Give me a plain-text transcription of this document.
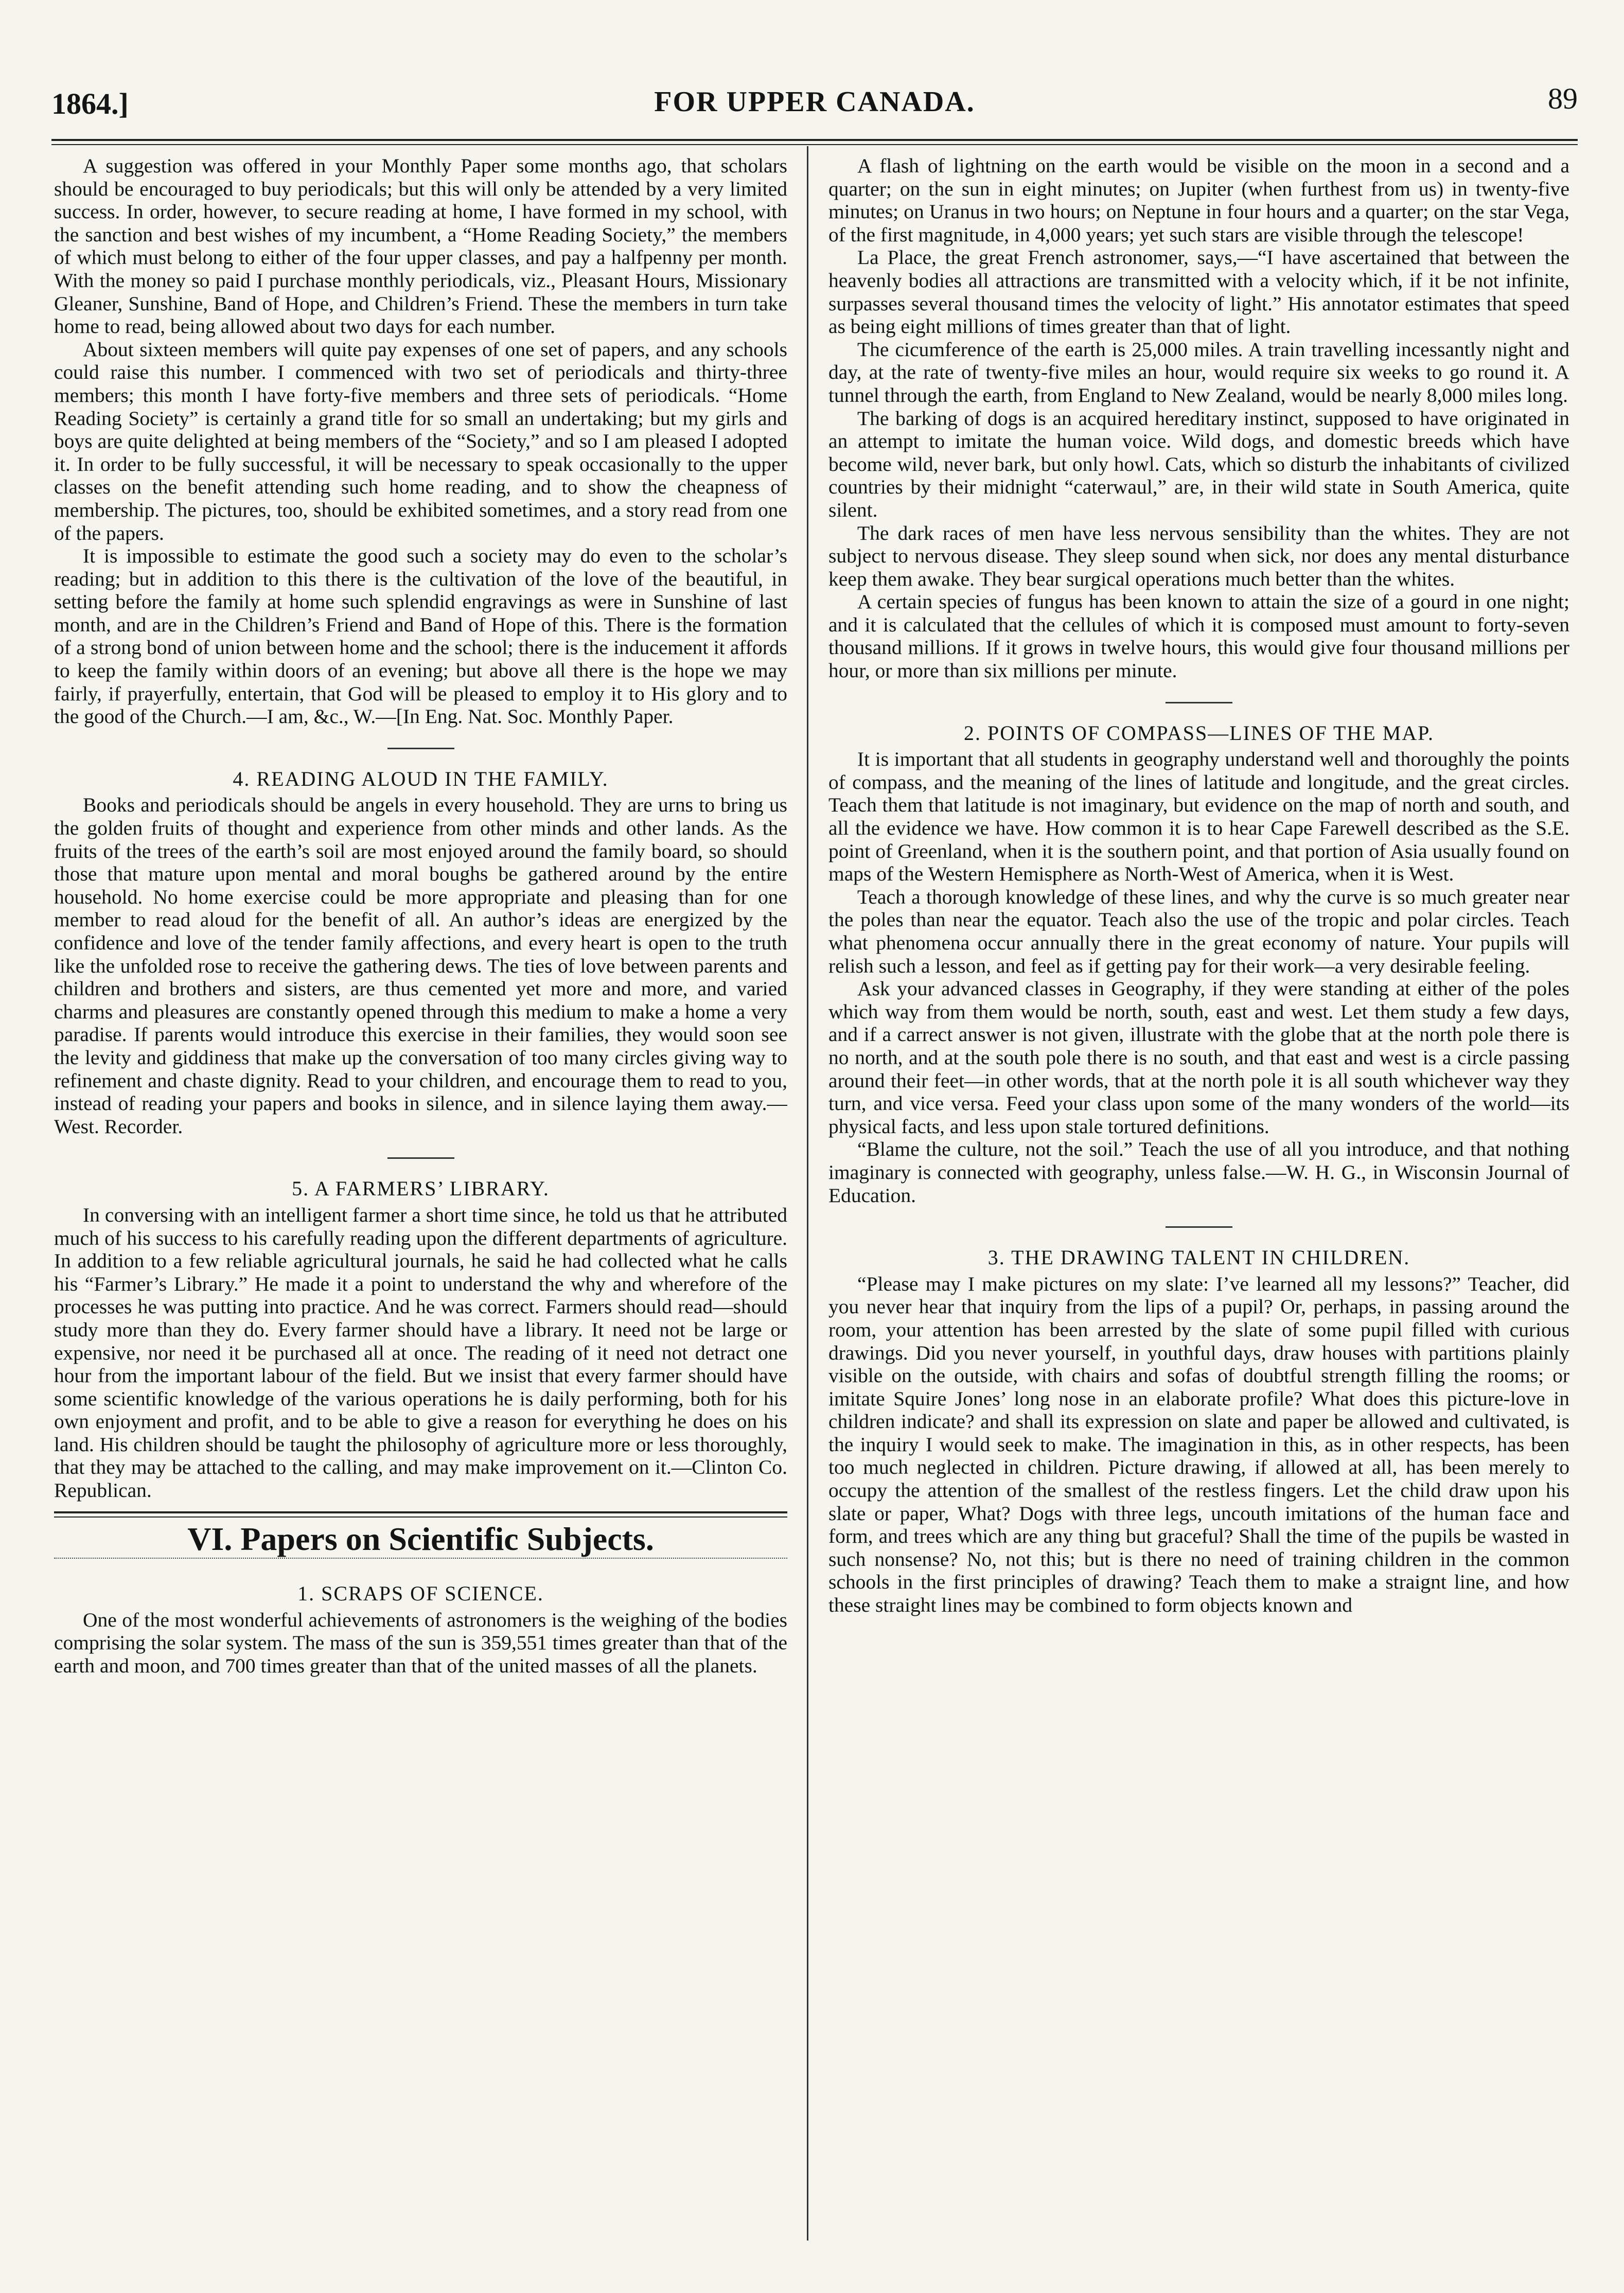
1864.]	FOR UPPER CANADA.	89

A suggestion was offered in your Monthly Paper some months ago, that scholars should be encouraged to buy periodicals; but this will only be attended by a very limited success. In order, however, to secure reading at home, I have formed in my school, with the sanction and best wishes of my incumbent, a “Home Reading Society,” the members of which must belong to either of the four upper classes, and pay a halfpenny per month. With the money so paid I purchase monthly periodicals, viz., Pleasant Hours, Missionary Gleaner, Sunshine, Band of Hope, and Children’s Friend. These the members in turn take home to read, being allowed about two days for each number.

About sixteen members will quite pay expenses of one set of papers, and any schools could raise this number. I commenced with two set of periodicals and thirty-three members; this month I have forty-five members and three sets of periodicals. “Home Reading Society” is certainly a grand title for so small an undertaking; but my girls and boys are quite delighted at being members of the “Society,” and so I am pleased I adopted it. In order to be fully successful, it will be necessary to speak occasionally to the upper classes on the benefit attending such home reading, and to show the cheapness of membership. The pictures, too, should be exhibited sometimes, and a story read from one of the papers.

It is impossible to estimate the good such a society may do even to the scholar’s reading; but in addition to this there is the cultivation of the love of the beautiful, in setting before the family at home such splendid engravings as were in Sunshine of last month, and are in the Children’s Friend and Band of Hope of this. There is the formation of a strong bond of union between home and the school; there is the inducement it affords to keep the family within doors of an evening; but above all there is the hope we may fairly, if prayerfully, entertain, that God will be pleased to employ it to His glory and to the good of the Church.—I am, &c., W.—[In Eng. Nat. Soc. Monthly Paper.

4. READING ALOUD IN THE FAMILY.

Books and periodicals should be angels in every household. They are urns to bring us the golden fruits of thought and experience from other minds and other lands. As the fruits of the trees of the earth’s soil are most enjoyed around the family board, so should those that mature upon mental and moral boughs be gathered around by the entire household. No home exercise could be more appropriate and pleasing than for one member to read aloud for the benefit of all. An author’s ideas are energized by the confidence and love of the tender family affections, and every heart is open to the truth like the unfolded rose to receive the gathering dews. The ties of love between parents and children and brothers and sisters, are thus cemented yet more and more, and varied charms and pleasures are constantly opened through this medium to make a home a very paradise. If parents would introduce this exercise in their families, they would soon see the levity and giddiness that make up the conversation of too many circles giving way to refinement and chaste dignity. Read to your children, and encourage them to read to you, instead of reading your papers and books in silence, and in silence laying them away.—West. Recorder.

5. A FARMERS’ LIBRARY.

In conversing with an intelligent farmer a short time since, he told us that he attributed much of his success to his carefully reading upon the different departments of agriculture. In addition to a few reliable agricultural journals, he said he had collected what he calls his “Farmer’s Library.” He made it a point to understand the why and wherefore of the processes he was putting into practice. And he was correct. Farmers should read—should study more than they do. Every farmer should have a library. It need not be large or expensive, nor need it be purchased all at once. The reading of it need not detract one hour from the important labour of the field. But we insist that every farmer should have some scientific knowledge of the various operations he is daily performing, both for his own enjoyment and profit, and to be able to give a reason for everything he does on his land. His children should be taught the philosophy of agriculture more or less thoroughly, that they may be attached to the calling, and may make improvement on it.—Clinton Co. Republican.

VI. Papers on Scientific Subjects.
1. SCRAPS OF SCIENCE.

One of the most wonderful achievements of astronomers is the weighing of the bodies comprising the solar system. The mass of the sun is 359,551 times greater than that of the earth and moon, and 700 times greater than that of the united masses of all the planets.

A flash of lightning on the earth would be visible on the moon in a second and a quarter; on the sun in eight minutes; on Jupiter (when furthest from us) in twenty-five minutes; on Uranus in two hours; on Neptune in four hours and a quarter; on the star Vega, of the first magnitude, in 4,000 years; yet such stars are visible through the telescope!

La Place, the great French astronomer, says,—“I have ascertained that between the heavenly bodies all attractions are transmitted with a velocity which, if it be not infinite, surpasses several thousand times the velocity of light.” His annotator estimates that speed as being eight millions of times greater than that of light.

The cicumference of the earth is 25,000 miles. A train travelling incessantly night and day, at the rate of twenty-five miles an hour, would require six weeks to go round it. A tunnel through the earth, from England to New Zealand, would be nearly 8,000 miles long.

The barking of dogs is an acquired hereditary instinct, supposed to have originated in an attempt to imitate the human voice. Wild dogs, and domestic breeds which have become wild, never bark, but only howl. Cats, which so disturb the inhabitants of civilized countries by their midnight “caterwaul,” are, in their wild state in South America, quite silent.

The dark races of men have less nervous sensibility than the whites. They are not subject to nervous disease. They sleep sound when sick, nor does any mental disturbance keep them awake. They bear surgical operations much better than the whites.

A certain species of fungus has been known to attain the size of a gourd in one night; and it is calculated that the cellules of which it is composed must amount to forty-seven thousand millions. If it grows in twelve hours, this would give four thousand millions per hour, or more than six millions per minute.

2. POINTS OF COMPASS—LINES OF THE MAP.

It is important that all students in geography understand well and thoroughly the points of compass, and the meaning of the lines of latitude and longitude, and the great circles. Teach them that latitude is not imaginary, but evidence on the map of north and south, and all the evidence we have. How common it is to hear Cape Farewell described as the S.E. point of Greenland, when it is the southern point, and that portion of Asia usually found on maps of the Western Hemisphere as North-West of America, when it is West.

Teach a thorough knowledge of these lines, and why the curve is so much greater near the poles than near the equator. Teach also the use of the tropic and polar circles. Teach what phenomena occur annually there in the great economy of nature. Your pupils will relish such a lesson, and feel as if getting pay for their work—a very desirable feeling.

Ask your advanced classes in Geography, if they were standing at either of the poles which way from them would be north, south, east and west. Let them study a few days, and if a carrect answer is not given, illustrate with the globe that at the north pole there is no north, and at the south pole there is no south, and that east and west is a circle passing around their feet—in other words, that at the north pole it is all south whichever way they turn, and vice versa. Feed your class upon some of the many wonders of the world—its physical facts, and less upon stale tortured definitions.

“Blame the culture, not the soil.” Teach the use of all you introduce, and that nothing imaginary is connected with geography, unless false.—W. H. G., in Wisconsin Journal of Education.

3. THE DRAWING TALENT IN CHILDREN.

“Please may I make pictures on my slate: I’ve learned all my lessons?” Teacher, did you never hear that inquiry from the lips of a pupil? Or, perhaps, in passing around the room, your attention has been arrested by the slate of some pupil filled with curious drawings. Did you never yourself, in youthful days, draw houses with partitions plainly visible on the outside, with chairs and sofas of doubtful strength filling the rooms; or imitate Squire Jones’ long nose in an elaborate profile? What does this picture-love in children indicate? and shall its expression on slate and paper be allowed and cultivated, is the inquiry I would seek to make. The imagination in this, as in other respects, has been too much neglected in children. Picture drawing, if allowed at all, has been merely to occupy the attention of the smallest of the restless fingers. Let the child draw upon his slate or paper, What? Dogs with three legs, uncouth imitations of the human face and form, and trees which are any thing but graceful? Shall the time of the pupils be wasted in such nonsense? No, not this; but is there no need of training children in the common schools in the first principles of drawing? Teach them to make a straignt line, and how these straight lines may be combined to form objects known and
